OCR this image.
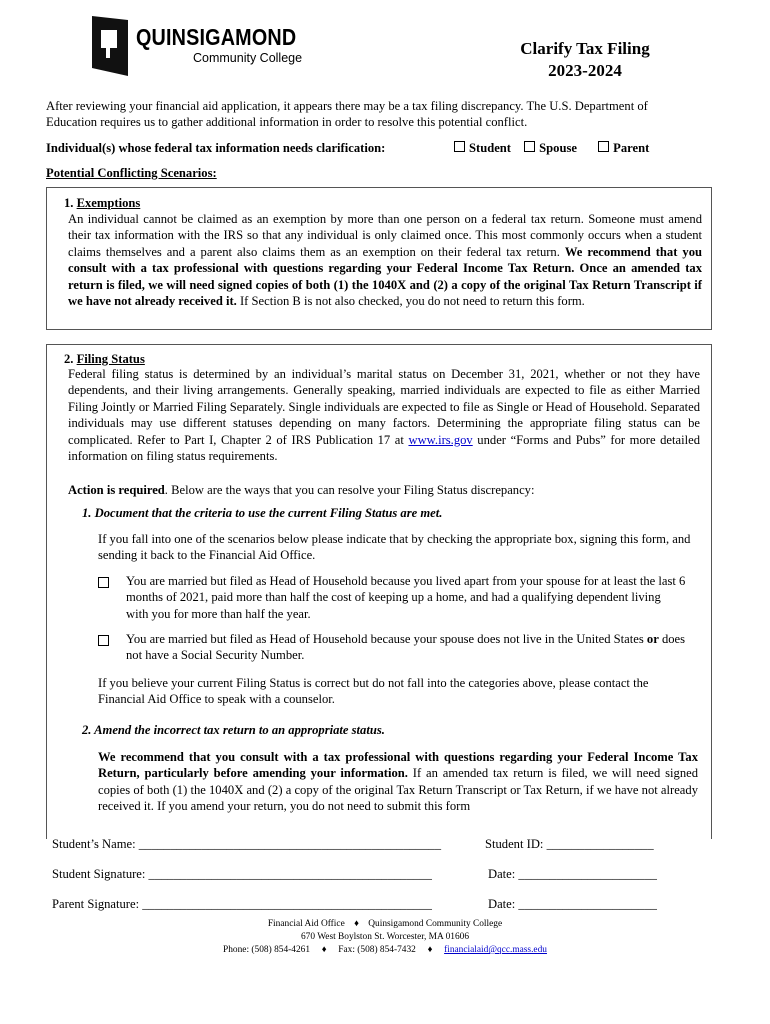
QUINSIGAMOND
Community College	Clarify Tax Filing
2023-2024
After reviewing your financial aid application, it appears there may be a tax filing discrepancy. The U.S. Department of Education requires us to gather additional information in order to resolve this potential conflict.
Individual(s) whose federal tax information needs clarification:	Student Spouse	Parent
Potential Conflicting Scenarios:
1. Exemptions
An individual cannot be claimed as an exemption by more than one person on a federal tax return. Someone must amend their tax information with the IRS so that any individual is only claimed once. This most commonly occurs when a student claims themselves and a parent also claims them as an exemption on their federal tax return. We recommend that you consult with a tax professional with questions regarding your Federal Income Tax Return. Once an amended tax return is filed, we will need signed copies of both (1) the 1040X and (2) a copy of the original Tax Return Transcript if we have not already received it. If Section B is not also checked, you do not need to return this form.
2. Filing Status
Federal filing status is determined by an individual’s marital status on December 31, 2021, whether or not they have dependents, and their living arrangements. Generally speaking, married individuals are expected to file as either Married Filing Jointly or Married Filing Separately. Single individuals are expected to file as Single or Head of Household. Separated individuals may use different statuses depending on many factors. Determining the appropriate filing status can be complicated. Refer to Part I, Chapter 2 of IRS Publication 17 at www.irs.gov under “Forms and Pubs” for more detailed information on filing status requirements.
Action is required. Below are the ways that you can resolve your Filing Status discrepancy:
1. Document that the criteria to use the current Filing Status are met.
If you fall into one of the scenarios below please indicate that by checking the appropriate box, signing this form, and sending it back to the Financial Aid Office.
You are married but filed as Head of Household because you lived apart from your spouse for at least the last 6 months of 2021, paid more than half the cost of keeping up a home, and had a qualifying dependent living with you for more than half the year.
You are married but filed as Head of Household because your spouse does not live in the United States or does not have a Social Security Number.
If you believe your current Filing Status is correct but do not fall into the categories above, please contact the Financial Aid Office to speak with a counselor.
2. Amend the incorrect tax return to an appropriate status.
We recommend that you consult with a tax professional with questions regarding your Federal Income Tax Return, particularly before amending your information. If an amended tax return is filed, we will need signed copies of both (1) the 1040X and (2) a copy of the original Tax Return Transcript or Tax Return, if we have not already received it. If you amend your return, you do not need to submit this form
Student’s Name: ________________________________________________	Student ID: _________________
Student Signature: _____________________________________________	Date: ______________________
Parent Signature: ______________________________________________	Date: ______________________
Financial Aid Office ♦ Quinsigamond Community College
670 West Boylston St. Worcester, MA 01606
Phone: (508) 854-4261 ♦ Fax: (508) 854-7432 ♦ financialaid@qcc.mass.edu
